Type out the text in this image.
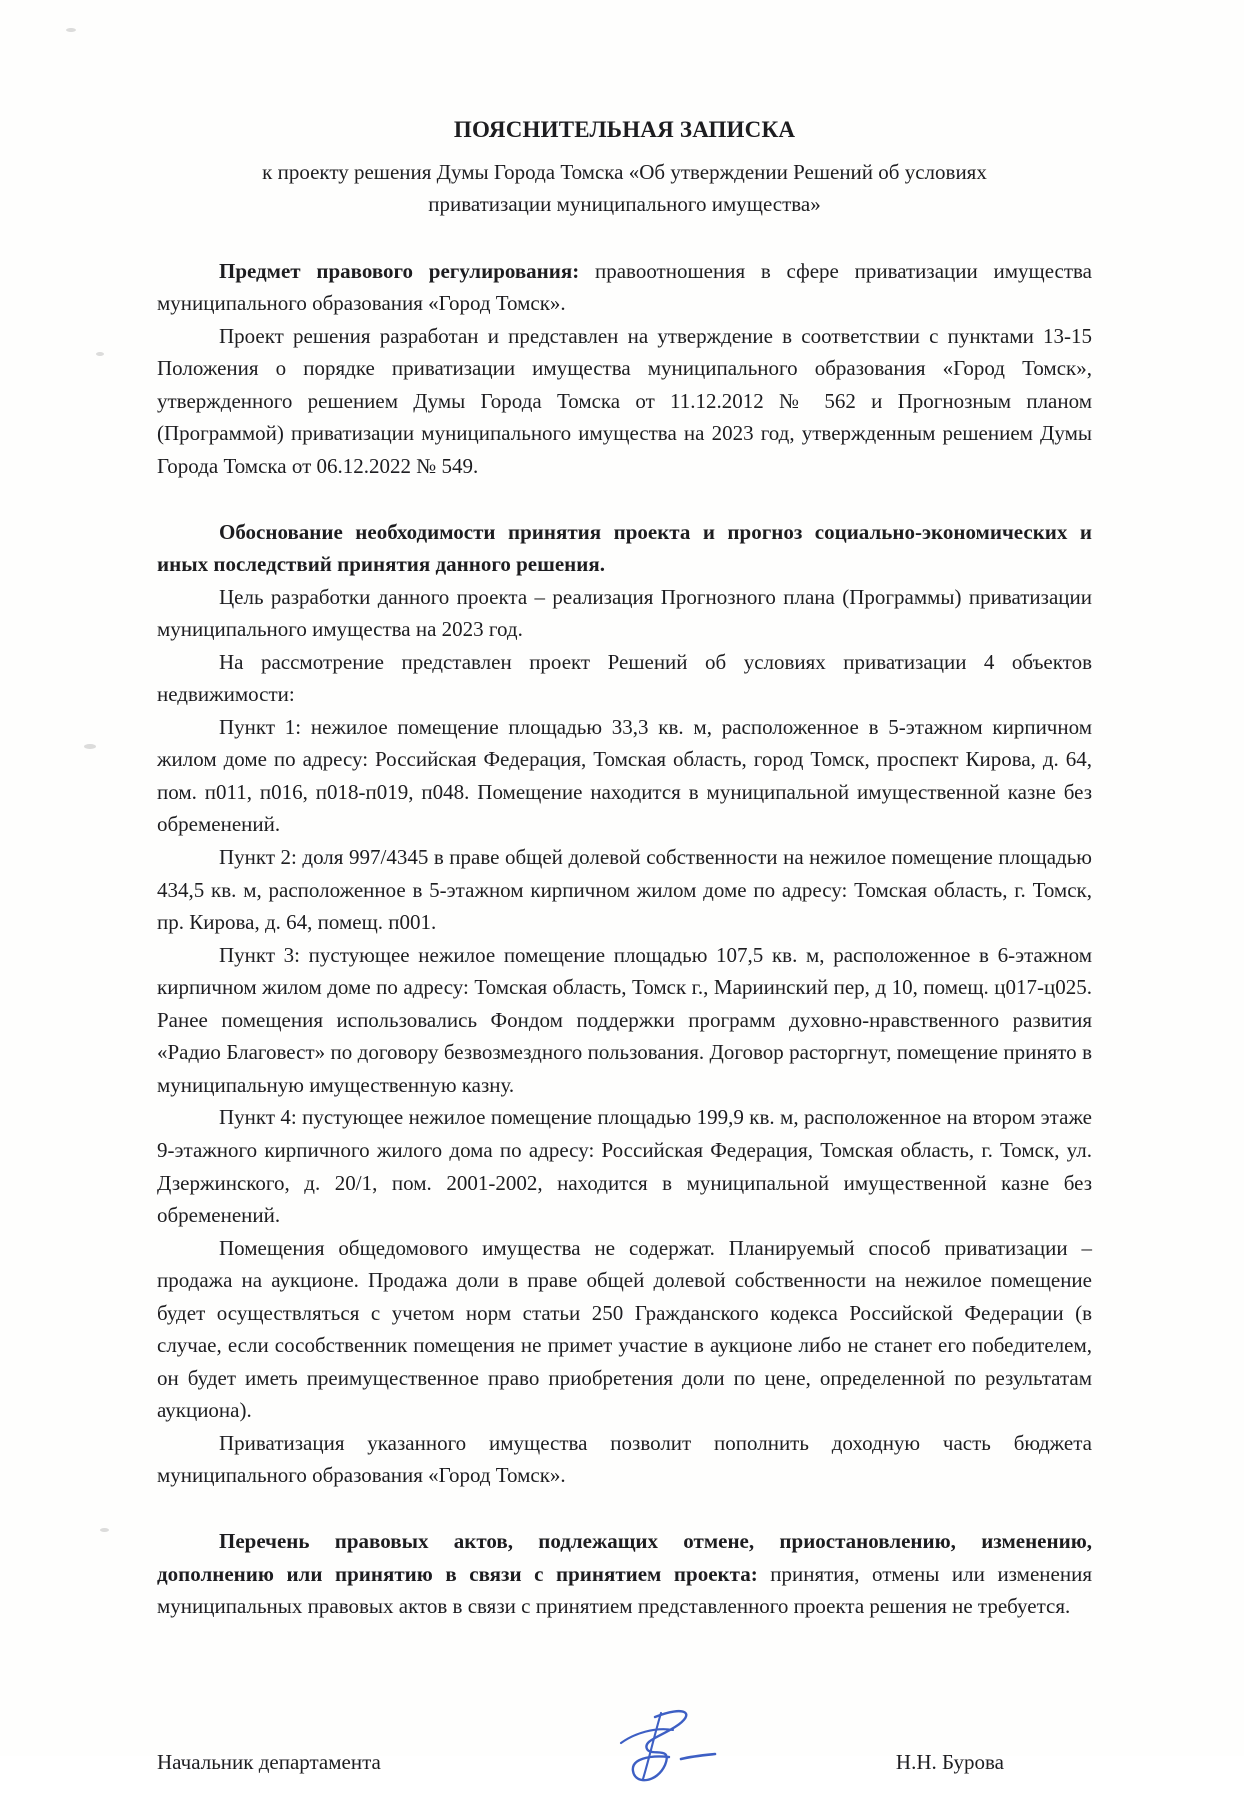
ПОЯСНИТЕЛЬНАЯ ЗАПИСКА
к проекту решения Думы Города Томска «Об утверждении Решений об условиях приватизации муниципального имущества»

Предмет правового регулирования: правоотношения в сфере приватизации имущества муниципального образования «Город Томск».

Проект решения разработан и представлен на утверждение в соответствии с пунктами 13-15 Положения о порядке приватизации имущества муниципального образования «Город Томск», утвержденного решением Думы Города Томска от 11.12.2012 № 562 и Прогнозным планом (Программой) приватизации муниципального имущества на 2023 год, утвержденным решением Думы Города Томска от 06.12.2022 № 549.

Обоснование необходимости принятия проекта и прогноз социально-экономических и иных последствий принятия данного решения.

Цель разработки данного проекта – реализация Прогнозного плана (Программы) приватизации муниципального имущества на 2023 год.

На рассмотрение представлен проект Решений об условиях приватизации 4 объектов недвижимости:

Пункт 1: нежилое помещение площадью 33,3 кв. м, расположенное в 5-этажном кирпичном жилом доме по адресу: Российская Федерация, Томская область, город Томск, проспект Кирова, д. 64, пом. п011, п016, п018-п019, п048. Помещение находится в муниципальной имущественной казне без обременений.

Пункт 2: доля 997/4345 в праве общей долевой собственности на нежилое помещение площадью 434,5 кв. м, расположенное в 5-этажном кирпичном жилом доме по адресу: Томская область, г. Томск, пр. Кирова, д. 64, помещ. п001.

Пункт 3: пустующее нежилое помещение площадью 107,5 кв. м, расположенное в 6-этажном кирпичном жилом доме по адресу: Томская область, Томск г., Мариинский пер, д 10, помещ. ц017-ц025. Ранее помещения использовались Фондом поддержки программ духовно-нравственного развития «Радио Благовест» по договору безвозмездного пользования. Договор расторгнут, помещение принято в муниципальную имущественную казну.

Пункт 4: пустующее нежилое помещение площадью 199,9 кв. м, расположенное на втором этаже 9-этажного кирпичного жилого дома по адресу: Российская Федерация, Томская область, г. Томск, ул. Дзержинского, д. 20/1, пом. 2001-2002, находится в муниципальной имущественной казне без обременений.

Помещения общедомового имущества не содержат. Планируемый способ приватизации – продажа на аукционе. Продажа доли в праве общей долевой собственности на нежилое помещение будет осуществляться с учетом норм статьи 250 Гражданского кодекса Российской Федерации (в случае, если сособственник помещения не примет участие в аукционе либо не станет его победителем, он будет иметь преимущественное право приобретения доли по цене, определенной по результатам аукциона).

Приватизация указанного имущества позволит пополнить доходную часть бюджета муниципального образования «Город Томск».

Перечень правовых актов, подлежащих отмене, приостановлению, изменению, дополнению или принятию в связи с принятием проекта: принятия, отмены или изменения муниципальных правовых актов в связи с принятием представленного проекта решения не требуется.

Начальник департамента	Н.Н. Бурова
